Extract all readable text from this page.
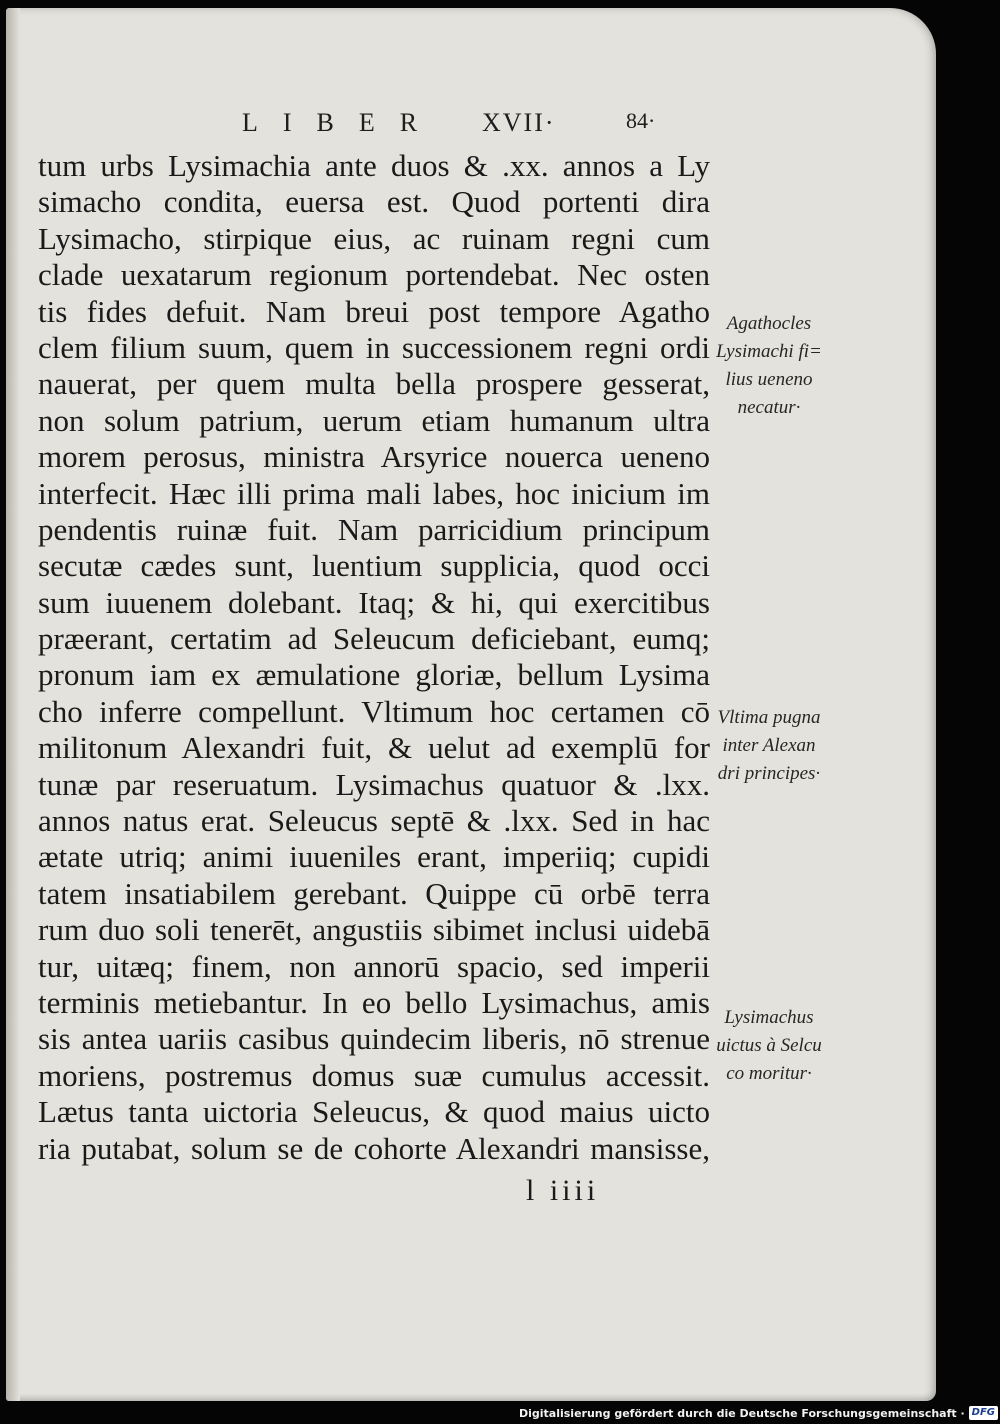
LIBER XVII·	84·
tum urbs Lysimachia ante duos & .xx. annos a Ly
simacho condita, euersa est. Quod portenti dira
Lysimacho, stirpique eius, ac ruinam regni cum
clade uexatarum regionum portendebat. Nec osten
tis fides defuit. Nam breui post tempore Agatho
clem filium suum, quem in successionem regni ordi
nauerat, per quem multa bella prospere gesserat,
non solum patrium, uerum etiam humanum ultra
morem perosus, ministra Arsyrice nouerca ueneno
interfecit. Hæc illi prima mali labes, hoc inicium im
pendentis ruinæ fuit. Nam parricidium principum
secutæ cædes sunt, luentium supplicia, quod occi
sum iuuenem dolebant. Itaq; & hi, qui exercitibus
præerant, certatim ad Seleucum deficiebant, eumq;
pronum iam ex æmulatione gloriæ, bellum Lysima
cho inferre compellunt. Vltimum hoc certamen cō
militonum Alexandri fuit, & uelut ad exemplū for
tunæ par reseruatum. Lysimachus quatuor & .lxx.
annos natus erat. Seleucus septē & .lxx. Sed in hac
ætate utriq; animi iuueniles erant, imperiiq; cupidi
tatem insatiabilem gerebant. Quippe cū orbē terra
rum duo soli tenerēt, angustiis sibimet inclusi uidebā
tur, uitæq; finem, non annorū spacio, sed imperii
terminis metiebantur. In eo bello Lysimachus, amis
sis antea uariis casibus quindecim liberis, nō strenue
moriens, postremus domus suæ cumulus accessit.
Lætus tanta uictoria Seleucus, & quod maius uicto
ria putabat, solum se de cohorte Alexandri mansisse,
l iiii
Agathocles
Lysimachi fi=
lius ueneno
necatur·
Vltima pugna
inter Alexan
dri principes·
Lysimachus
uictus à Selcu
co moritur·
Digitalisierung gefördert durch die Deutsche Forschungsgemeinschaft · DFG
